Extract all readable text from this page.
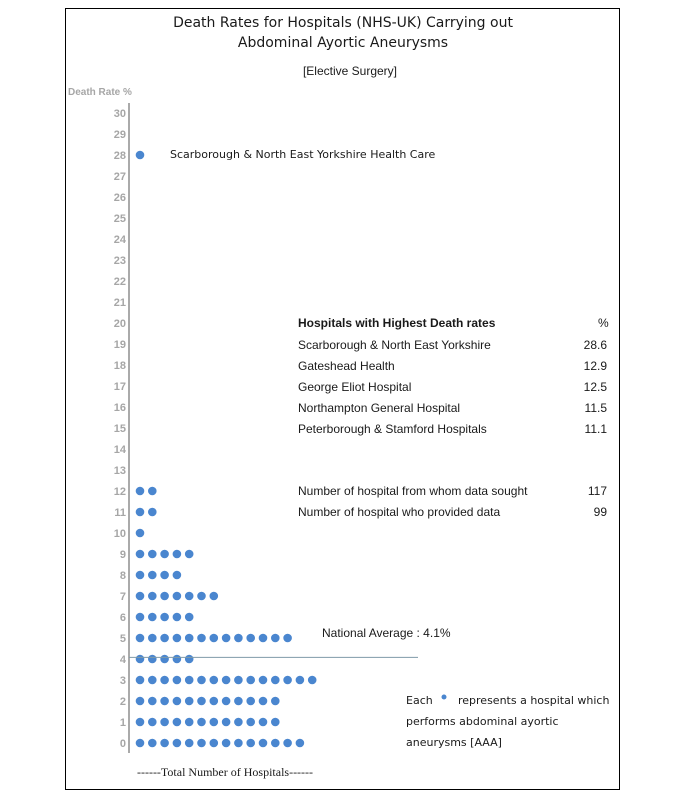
Death Rates for Hospitals (NHS-UK) Carrying out
Abdominal Ayortic Aneurysms
[Elective Surgery]
Death Rate %
0
1
2
3
4
5
6
7
8
9
10
11
12
13
14
15
16
17
18
19
20
21
22
23
24
25
26
27
28
29
30
Scarborough & North East Yorkshire Health Care
National Average : 4.1%
Hospitals with Highest Death rates	%
Scarborough & North East Yorkshire	28.6
Gateshead Health	12.9
George Eliot Hospital	12.5
Northampton General Hospital	11.5
Peterborough & Stamford Hospitals	11.1
Number of hospital from whom data sought	117
Number of hospital who provided data	99
Each represents a hospital which
performs abdominal ayortic
aneurysms [AAA]
------Total Number of Hospitals------
